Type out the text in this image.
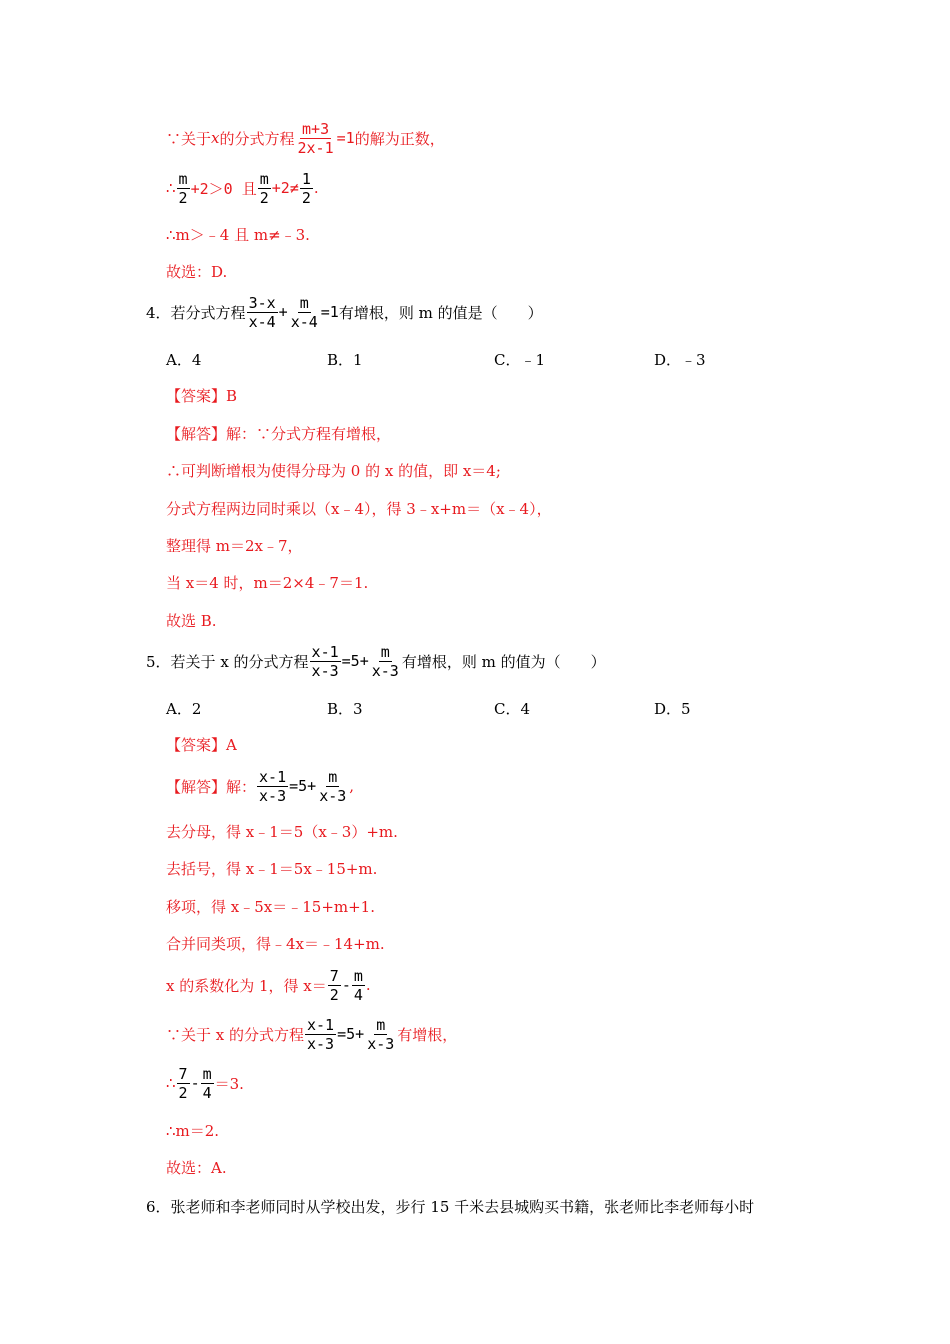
∵关于 x 的分式方程 $\frac{m+3}{2x-1} =1$ 的解为正数，
∴ $\frac{m}{2} +2>0$ 且 $\frac{m}{2} +2\ne \frac{1}{2}$ .
∴m＞﹣4 且 m≠﹣3.
故选：D.
4． 若分式方程 $\frac{3-x}{x-4} + \frac{m}{x-4} =1$ 有增根，则 m 的值是（　　）
A．4	B．1	C．﹣1	D．﹣3
【答案】B
【解答】解：∵分式方程有增根，
∴可判断增根为使得分母为 0 的 x 的值，即 x＝4;
分式方程两边同时乘以（x﹣4），得 3﹣x+m＝（x﹣4），
整理得 m＝2x﹣7，
当 x＝4 时，m＝2×4﹣7＝1.
故选 B.
5． 若关于 x 的分式方程 $\frac{x-1}{x-3} =5+ \frac{m}{x-3}$ 有增根，则 m 的值为（　　）
A．2	B．3	C．4	D．5
【答案】A
【解答】解： $\frac{x-1}{x-3} =5+ \frac{m}{x-3}$ ,
去分母，得 x﹣1＝5（x﹣3）+m.
去括号，得 x﹣1＝5x﹣15+m.
移项，得 x﹣5x＝﹣15+m+1.
合并同类项，得﹣4x＝﹣14+m.
x 的系数化为 1，得 $x= \frac{7}{2} - \frac{m}{4}$ .
∵关于 x 的分式方程 $\frac{x-1}{x-3} =5+ \frac{m}{x-3}$ 有增根，
∴ $\frac{7}{2} - \frac{m}{4} =3$.
∴m＝2.
故选：A.
6．张老师和李老师同时从学校出发，步行 15 千米去县城购买书籍，张老师比李老师每小时
